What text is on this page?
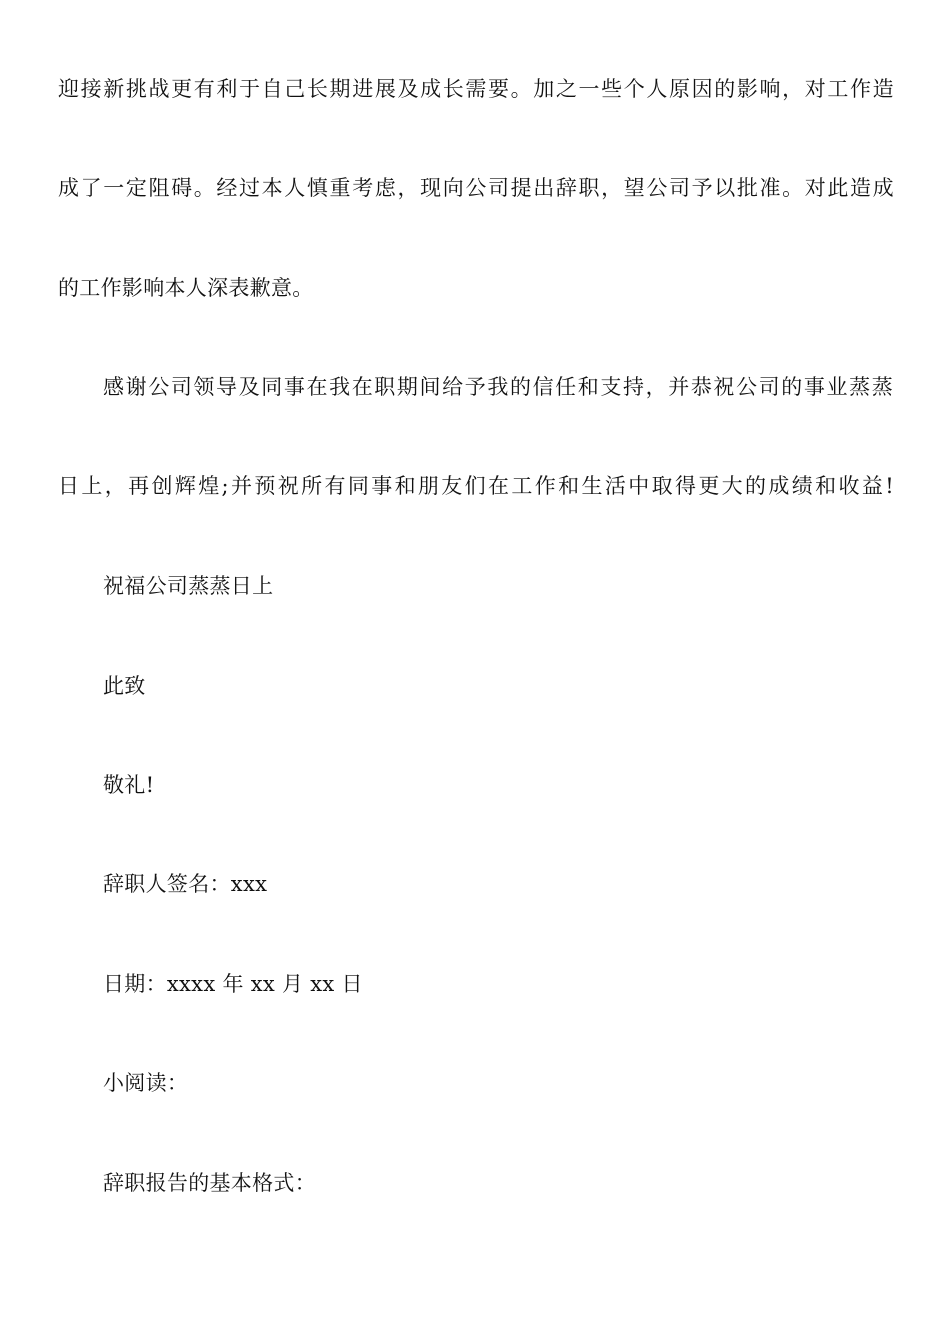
迎接新挑战更有利于自己长期进展及成长需要。加之一些个人原因的影响，对工作造
成了一定阻碍。经过本人慎重考虑，现向公司提出辞职，望公司予以批准。对此造成
的工作影响本人深表歉意。
感谢公司领导及同事在我在职期间给予我的信任和支持，并恭祝公司的事业蒸蒸
日上，再创辉煌;并预祝所有同事和朋友们在工作和生活中取得更大的成绩和收益!
祝福公司蒸蒸日上
此致
敬礼!
辞职人签名：xxx
日期：xxxx 年 xx 月 xx 日
小阅读：
辞职报告的基本格式：
